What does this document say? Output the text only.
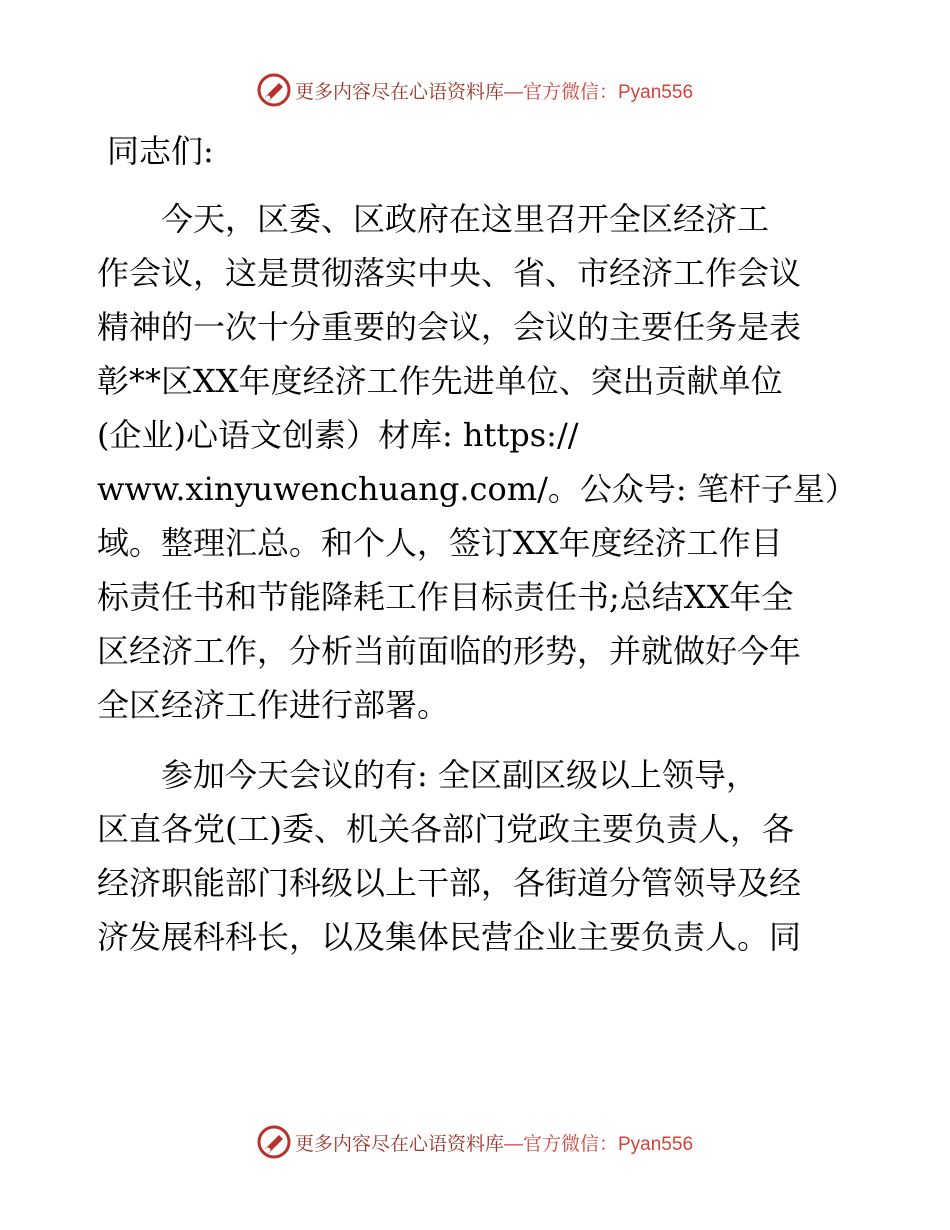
更多内容尽在心语资料库—官方微信：Pyan556

同志们:

今天，区委、区政府在这里召开全区经济工
作会议，这是贯彻落实中央、省、市经济工作会议
精神的一次十分重要的会议，会议的主要任务是表
彰**区XX年度经济工作先进单位、突出贡献单位
(企业)心语文创素）材库: https://
www.xinyuwenchuang.com/。公众号: 笔杆子星）
域。整理汇总。和个人，签订XX年度经济工作目
标责任书和节能降耗工作目标责任书;总结XX年全
区经济工作，分析当前面临的形势，并就做好今年
全区经济工作进行部署。

参加今天会议的有: 全区副区级以上领导，
区直各党(工)委、机关各部门党政主要负责人，各
经济职能部门科级以上干部，各街道分管领导及经
济发展科科长，以及集体民营企业主要负责人。同

更多内容尽在心语资料库—官方微信：Pyan556
